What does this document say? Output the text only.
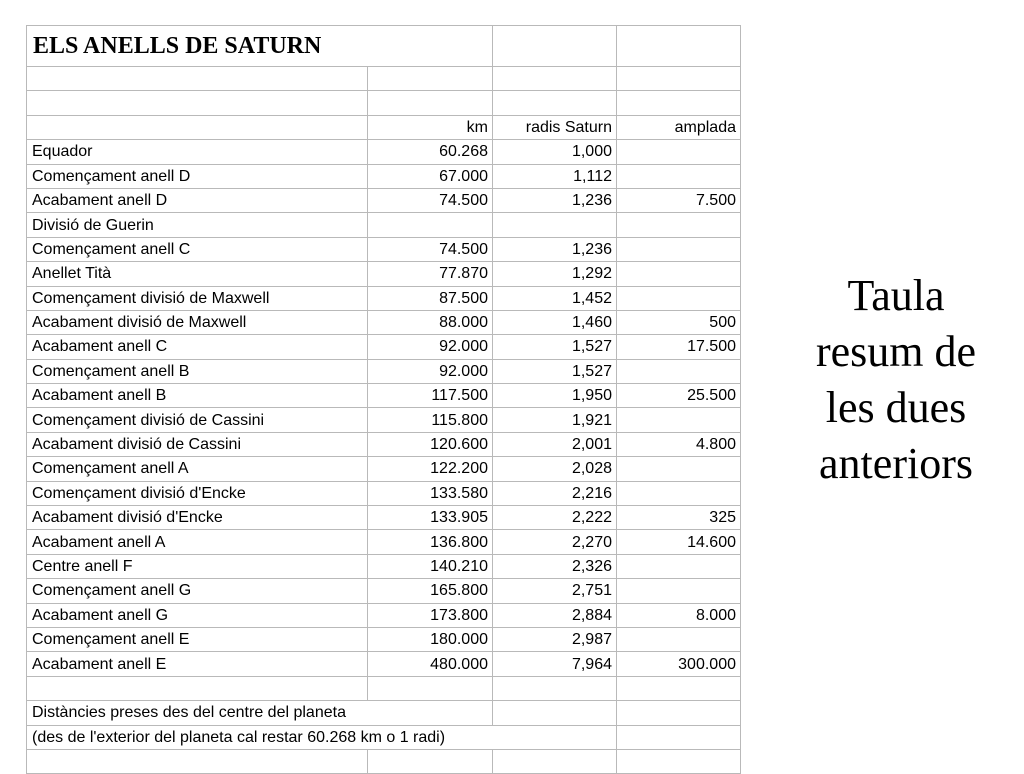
ELS ANELLS DE SATURN			

	km	radis Saturn	amplada
Equador	60.268	1,000	
Començament anell D	67.000	1,112	
Acabament anell D	74.500	1,236	7.500
Divisió de Guerin			
Començament anell C	74.500	1,236	
Anellet Tità	77.870	1,292	
Començament divisió de Maxwell	87.500	1,452	
Acabament divisió de Maxwell	88.000	1,460	500
Acabament anell C	92.000	1,527	17.500
Començament anell B	92.000	1,527	
Acabament anell B	117.500	1,950	25.500
Començament divisió de Cassini	115.800	1,921	
Acabament divisió de Cassini	120.600	2,001	4.800
Començament anell A	122.200	2,028	
Començament divisió d'Encke	133.580	2,216	
Acabament divisió d'Encke	133.905	2,222	325
Acabament anell A	136.800	2,270	14.600
Centre anell F	140.210	2,326	
Començament anell G	165.800	2,751	
Acabament anell G	173.800	2,884	8.000
Començament anell E	180.000	2,987	
Acabament anell E	480.000	7,964	300.000

Distàncies preses des del centre del planeta			
(des de l'exterior del planeta cal restar 60.268 km o 1 radi)			

Taula
resum de
les dues
anteriors
